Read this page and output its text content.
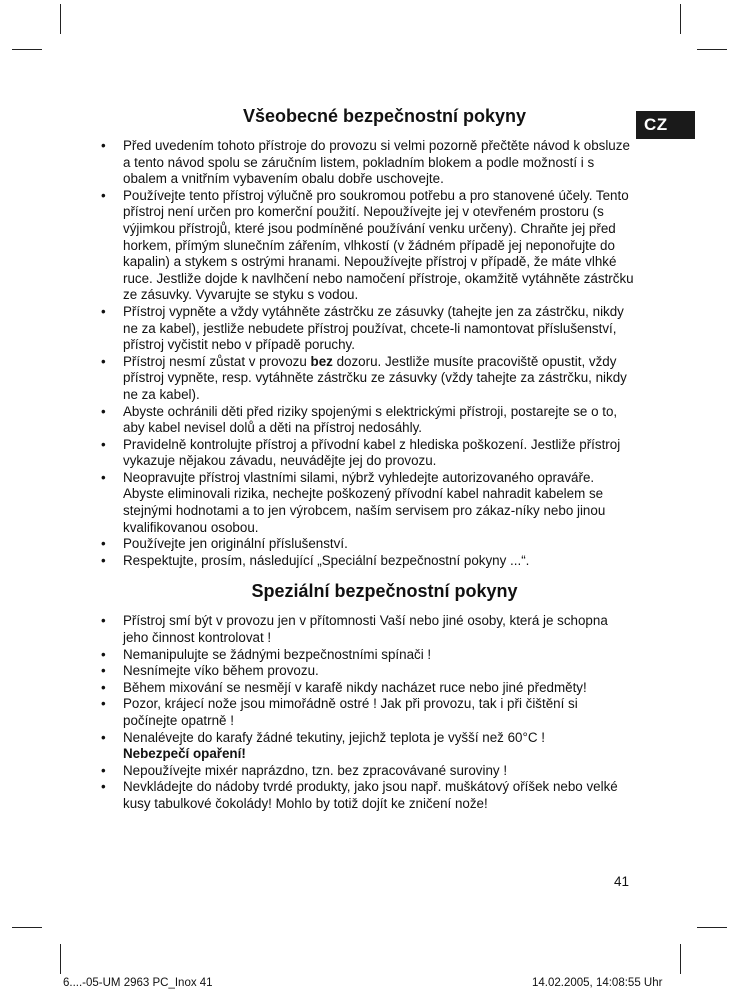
CZ
Všeobecné bezpečnostní pokyny
• Před uvedením tohoto přístroje do provozu si velmi pozorně přečtěte návod k obsluze a tento návod spolu se záručním listem, pokladním blokem a podle možností i s obalem a vnitřním vybavením obalu dobře uschovejte.
• Používejte tento přístroj výlučně pro soukromou potřebu a pro stanovené účely. Tento přístroj není určen pro komerční použití. Nepoužívejte jej v otevřeném prostoru (s výjimkou přístrojů, které jsou podmíněné používání venku určeny). Chraňte jej před horkem, přímým slunečním zářením, vlhkostí (v žádném případě jej neponořujte do kapalin) a stykem s ostrými hranami. Nepoužívejte přístroj v případě, že máte vlhké ruce. Jestliže dojde k navlhčení nebo namočení přístroje, okamžitě vytáhněte zástrčku ze zásuvky. Vyvarujte se styku s vodou.
• Přístroj vypněte a vždy vytáhněte zástrčku ze zásuvky (tahejte jen za zástrčku, nikdy ne za kabel), jestliže nebudete přístroj používat, chcete-li namontovat příslušenství, přístroj vyčistit nebo v případě poruchy.
• Přístroj nesmí zůstat v provozu bez dozoru. Jestliže musíte pracoviště opustit, vždy přístroj vypněte, resp. vytáhněte zástrčku ze zásuvky (vždy tahejte za zástrčku, nikdy ne za kabel).
• Abyste ochránili děti před riziky spojenými s elektrickými přístroji, postarejte se o to, aby kabel nevisel dolů a děti na přístroj nedosáhly.
• Pravidelně kontrolujte přístroj a přívodní kabel z hlediska poškození. Jestliže přístroj vykazuje nějakou závadu, neuvádějte jej do provozu.
• Neopravujte přístroj vlastními silami, nýbrž vyhledejte autorizovaného opraváře. Abyste eliminovali rizika, nechejte poškozený přívodní kabel nahradit kabelem se stejnými hodnotami a to jen výrobcem, naším servisem pro zákaz-níky nebo jinou kvalifikovanou osobou.
• Používejte jen originální příslušenství.
• Respektujte, prosím, následující „Speciální bezpečnostní pokyny ...“.
Speziální bezpečnostní pokyny
• Přístroj smí být v provozu jen v přítomnosti Vaší nebo jiné osoby, která je schopna jeho činnost kontrolovat !
• Nemanipulujte se žádnými bezpečnostními spínači !
• Nesnímejte víko během provozu.
• Během mixování se nesmějí v karafě nikdy nacházet ruce nebo jiné předměty!
• Pozor, krájecí nože jsou mimořádně ostré ! Jak při provozu, tak i při čištění si počínejte opatrně !
• Nenalévejte do karafy žádné tekutiny, jejichž teplota je vyšší než 60°C !
Nebezpečí opaření!
• Nepoužívejte mixér naprázdno, tzn. bez zpracovávané suroviny !
• Nevkládejte do nádoby tvrdé produkty, jako jsou např. muškátový oříšek nebo velké kusy tabulkové čokolády! Mohlo by totiž dojít ke zničení nože!
41
6....-05-UM 2963 PC_Inox 41	14.02.2005, 14:08:55 Uhr
